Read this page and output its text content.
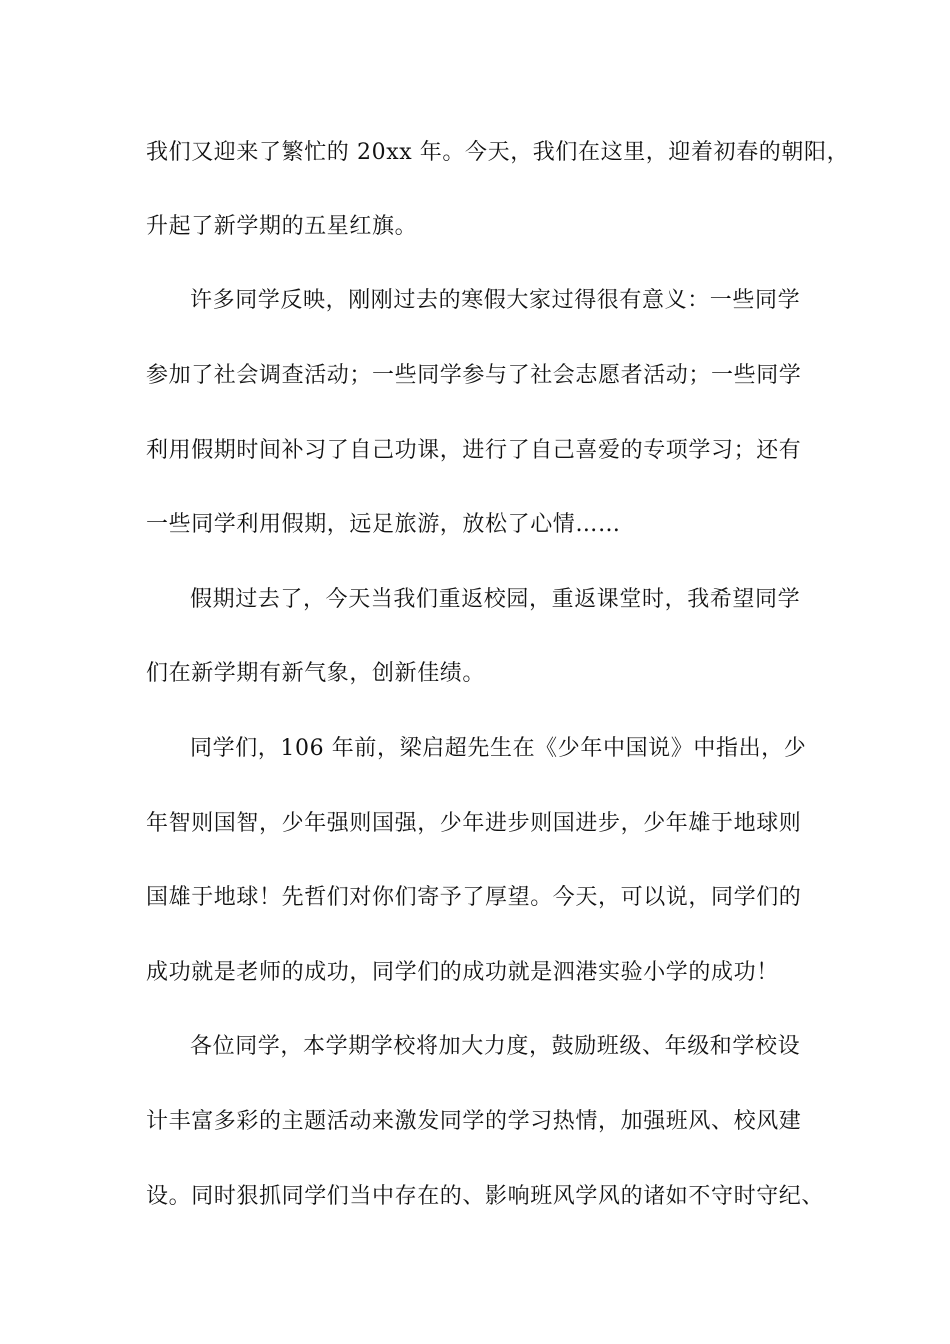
我们又迎来了繁忙的 20xx 年。今天，我们在这里，迎着初春的朝阳，
升起了新学期的五星红旗。
许多同学反映，刚刚过去的寒假大家过得很有意义：一些同学
参加了社会调查活动；一些同学参与了社会志愿者活动；一些同学
利用假期时间补习了自己功课，进行了自己喜爱的专项学习；还有
一些同学利用假期，远足旅游，放松了心情……
假期过去了，今天当我们重返校园，重返课堂时，我希望同学
们在新学期有新气象，创新佳绩。
同学们，106 年前，梁启超先生在《少年中国说》中指出，少
年智则国智，少年强则国强，少年进步则国进步，少年雄于地球则
国雄于地球！先哲们对你们寄予了厚望。今天，可以说，同学们的
成功就是老师的成功，同学们的成功就是泗港实验小学的成功！
各位同学，本学期学校将加大力度，鼓励班级、年级和学校设
计丰富多彩的主题活动来激发同学的学习热情，加强班风、校风建
设。同时狠抓同学们当中存在的、影响班风学风的诸如不守时守纪、
